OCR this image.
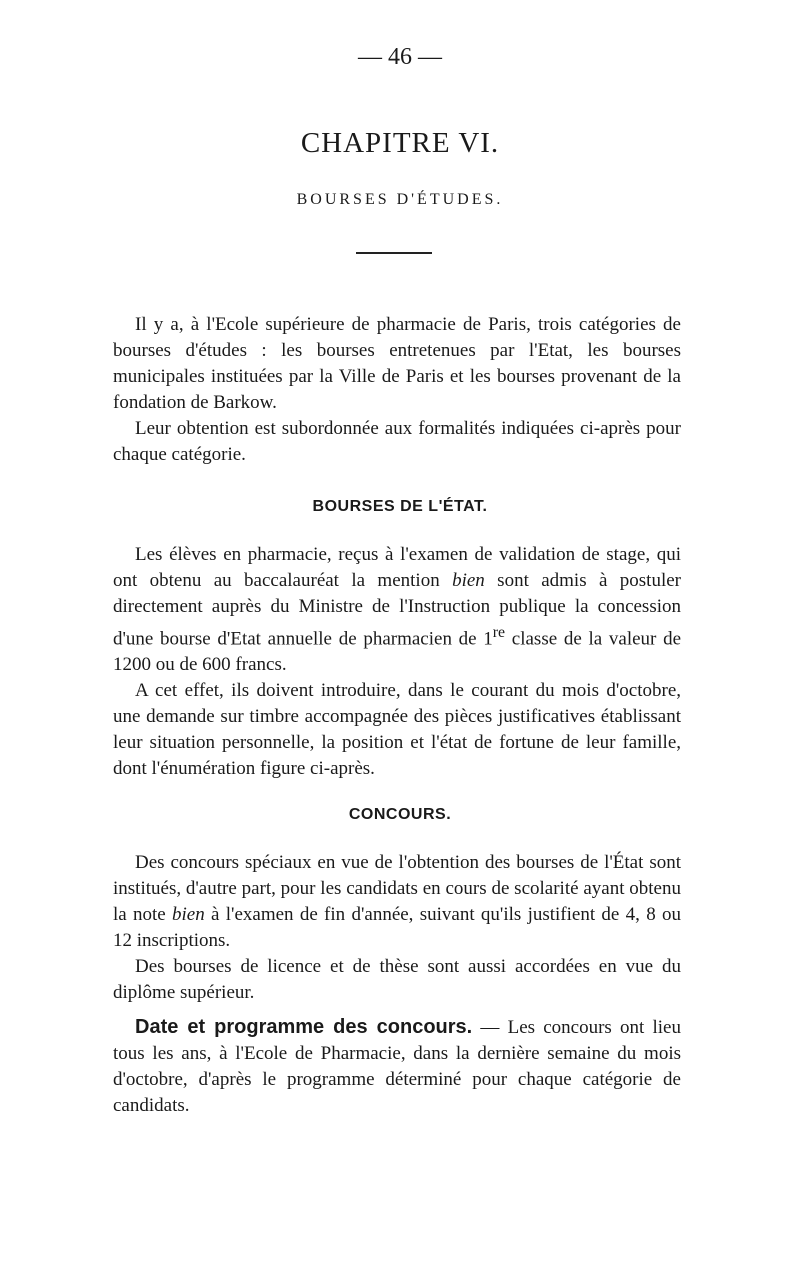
— 46 —
CHAPITRE VI.
BOURSES D'ÉTUDES.

Il y a, à l'Ecole supérieure de pharmacie de Paris, trois catégories de bourses d'études : les bourses entretenues par l'Etat, les bourses municipales instituées par la Ville de Paris et les bourses provenant de la fondation de Barkow.

Leur obtention est subordonnée aux formalités indiquées ci-après pour chaque catégorie.

BOURSES DE L'ÉTAT.

Les élèves en pharmacie, reçus à l'examen de validation de stage, qui ont obtenu au baccalauréat la mention bien sont admis à postuler directement auprès du Ministre de l'Instruction publique la concession d'une bourse d'Etat annuelle de pharmacien de 1re classe de la valeur de 1200 ou de 600 francs.

A cet effet, ils doivent introduire, dans le courant du mois d'octobre, une demande sur timbre accompagnée des pièces justificatives établissant leur situation personnelle, la position et l'état de fortune de leur famille, dont l'énumération figure ci-après.

CONCOURS.

Des concours spéciaux en vue de l'obtention des bourses de l'État sont institués, d'autre part, pour les candidats en cours de scolarité ayant obtenu la note bien à l'examen de fin d'année, suivant qu'ils justifient de 4, 8 ou 12 inscriptions.

Des bourses de licence et de thèse sont aussi accordées en vue du diplôme supérieur.

Date et programme des concours. — Les concours ont lieu tous les ans, à l'Ecole de Pharmacie, dans la dernière semaine du mois d'octobre, d'après le programme déterminé pour chaque catégorie de candidats.
